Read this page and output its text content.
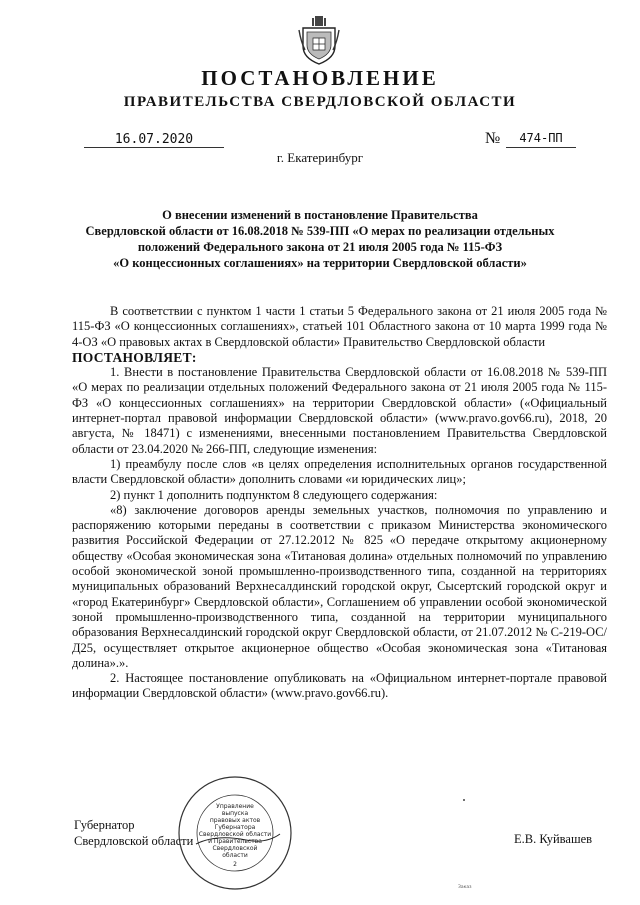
ПОСТАНОВЛЕНИЕ
ПРАВИТЕЛЬСТВА СВЕРДЛОВСКОЙ ОБЛАСТИ
16.07.2020	№	474-ПП
г. Екатеринбург
О внесении изменений в постановление Правительства
Свердловской области от 16.08.2018 № 539-ПП «О мерах по реализации отдельных
положений Федерального закона от 21 июля 2005 года № 115-ФЗ
«О концессионных соглашениях» на территории Свердловской области»

В соответствии с пунктом 1 части 1 статьи 5 Федерального закона от 21 июля 2005 года № 115-ФЗ «О концессионных соглашениях», статьей 101 Областного закона от 10 марта 1999 года № 4-ОЗ «О правовых актах в Свердловской области» Правительство Свердловской области

ПОСТАНОВЛЯЕТ:

1. Внести в постановление Правительства Свердловской области от 16.08.2018 № 539-ПП «О мерах по реализации отдельных положений Федерального закона от 21 июля 2005 года № 115-ФЗ «О концессионных соглашениях» на территории Свердловской области» («Официальный интернет-портал правовой информации Свердловской области» (www.pravo.gov66.ru), 2018, 20 августа, № 18471) с изменениями, внесенными постановлением Правительства Свердловской области от 23.04.2020 № 266-ПП, следующие изменения:

1) преамбулу после слов «в целях определения исполнительных органов государственной власти Свердловской области» дополнить словами «и юридических лиц»;

2) пункт 1 дополнить подпунктом 8 следующего содержания:

«8) заключение договоров аренды земельных участков, полномочия по управлению и распоряжению которыми переданы в соответствии с приказом Министерства экономического развития Российской Федерации от 27.12.2012 № 825 «О передаче открытому акционерному обществу «Особая экономическая зона «Титановая долина» отдельных полномочий по управлению особой экономической зоной промышленно-производственного типа, созданной на территориях муниципальных образований Верхнесалдинский городской округ, Сысертский городской округ и «город Екатеринбург» Свердловской области», Соглашением об управлении особой экономической зоной промышленно-производственного типа, созданной на территории муниципального образования Верхнесалдинский городской округ Свердловской области, от 21.07.2012 № С-219-ОС/Д25, осуществляет открытое акционерное общество «Особая экономическая зона «Титановая долина».».

2. Настоящее постановление опубликовать на «Официальном интернет-портале правовой информации Свердловской области» (www.pravo.gov66.ru).

Губернатор
Свердловской области	Е.В. Куйвашев
Управление
выпуска
правовых актов
Губернатора
Свердловской области
и Правительства
Свердловской
области
2
Заказ
